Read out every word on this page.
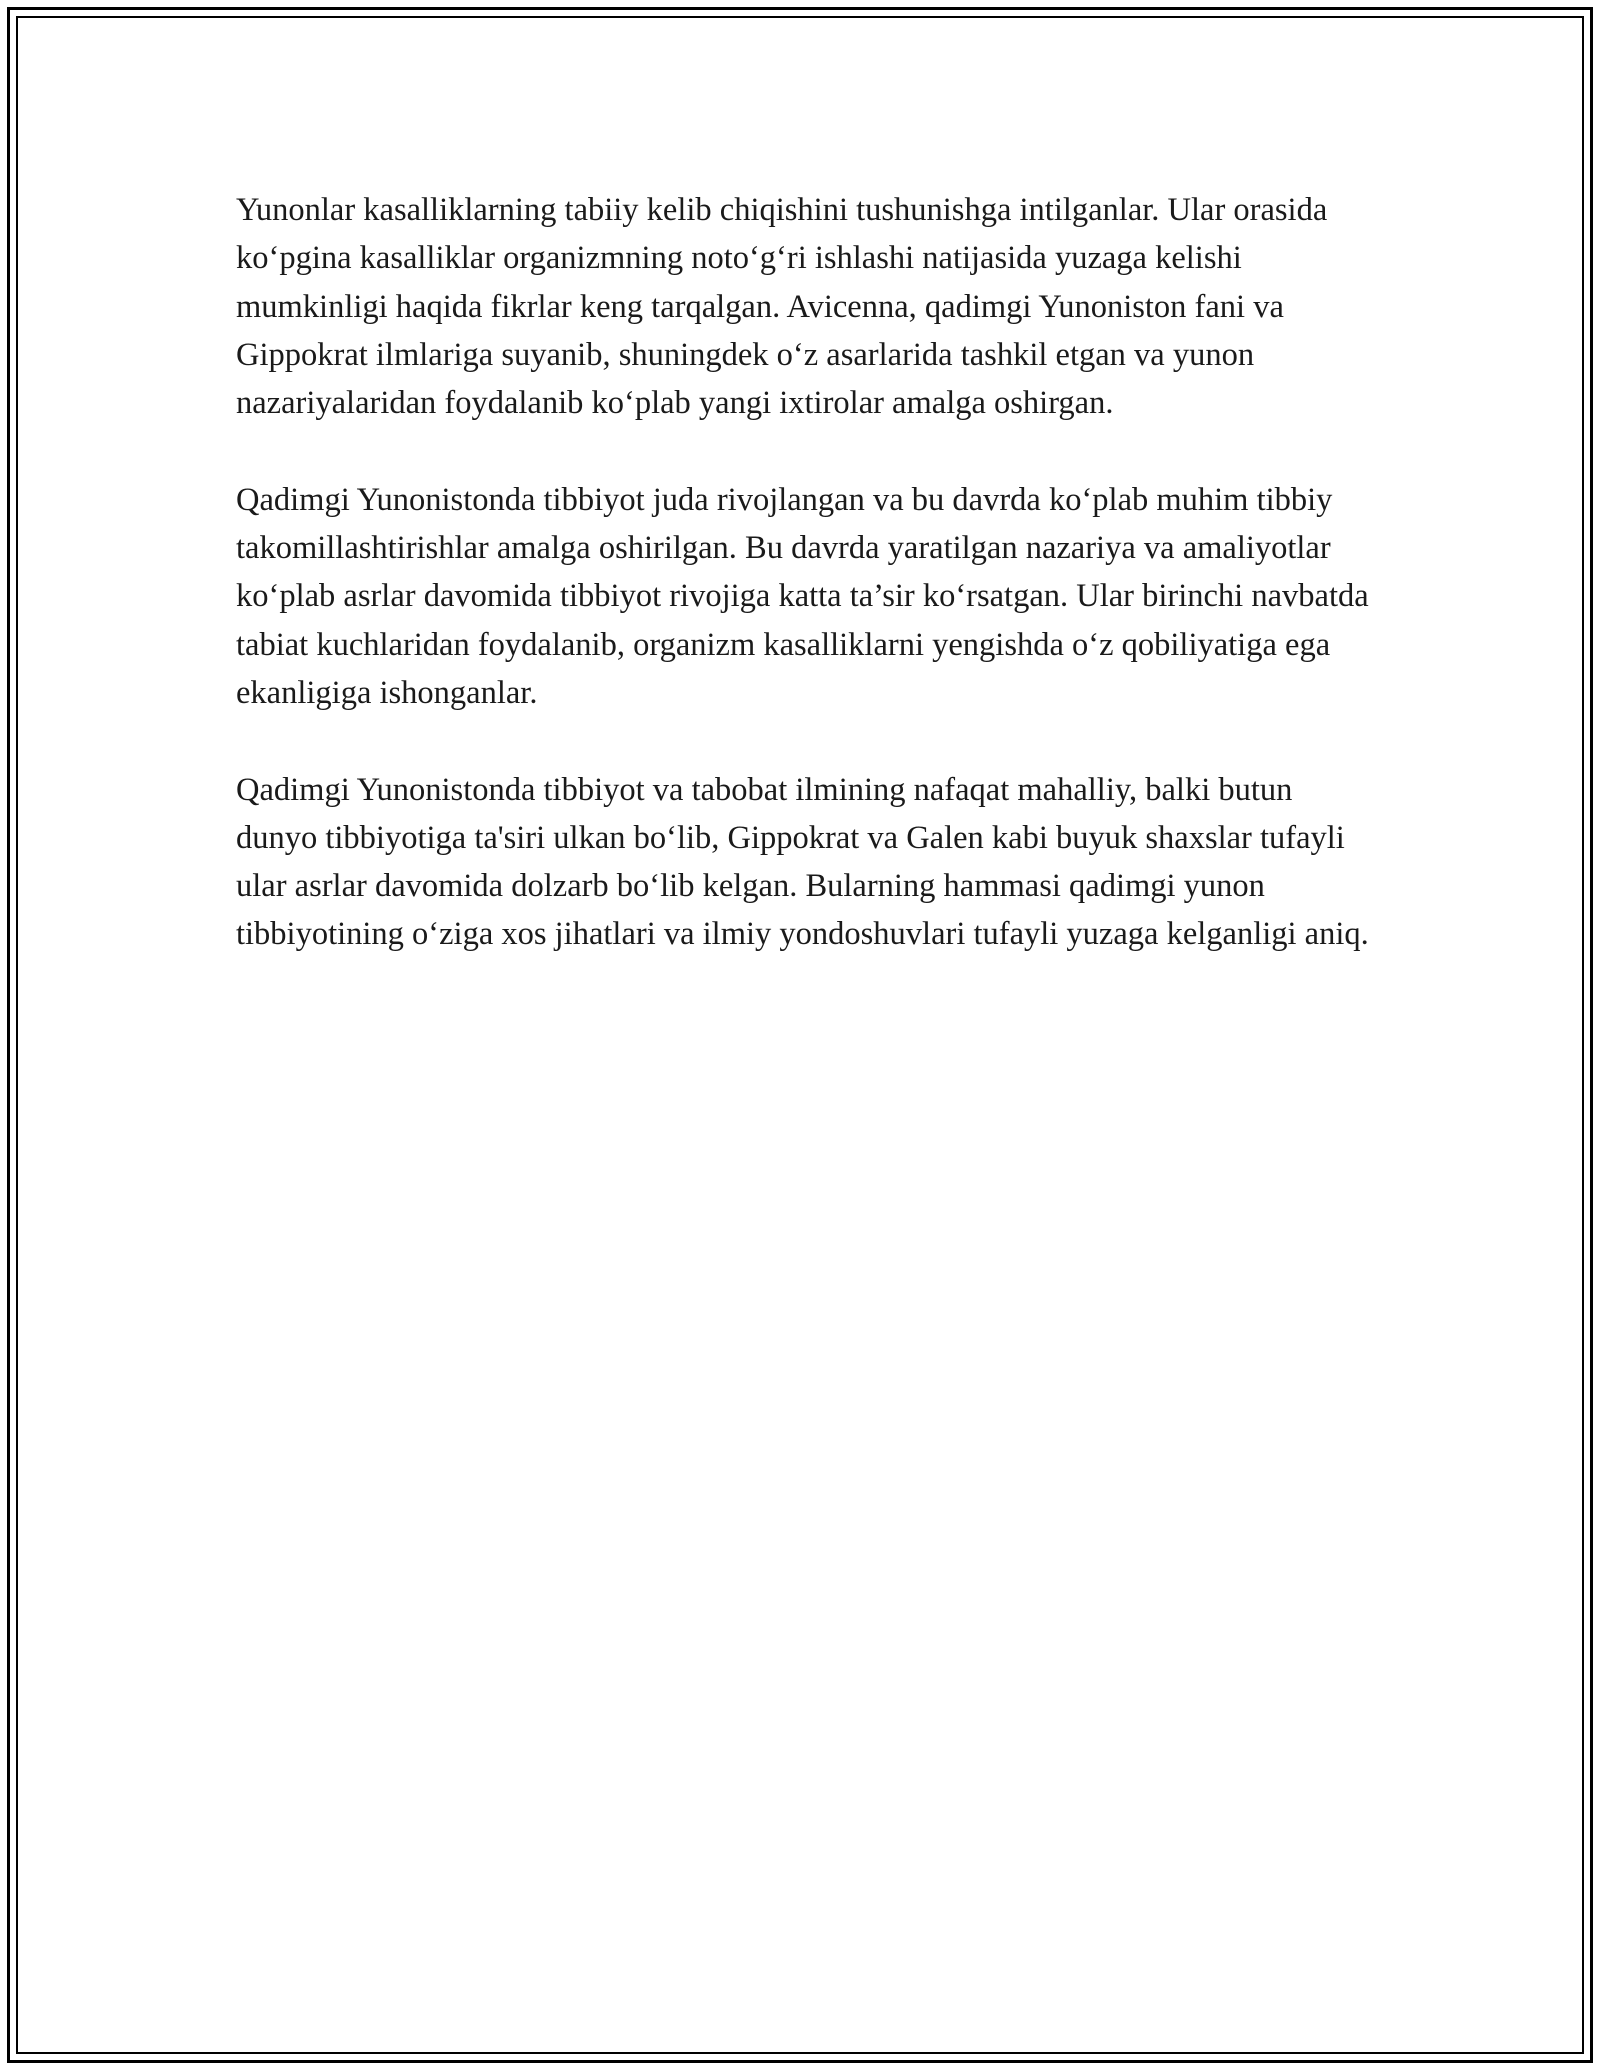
Yunonlar kasalliklarning tabiiy kelib chiqishini tushunishga intilganlar. Ular orasida ko‘pgina kasalliklar organizmning noto‘g‘ri ishlashi natijasida yuzaga kelishi mumkinligi haqida fikrlar keng tarqalgan. Avicenna, qadimgi Yunoniston fani va Gippokrat ilmlariga suyanib, shuningdek o‘z asarlarida tashkil etgan va yunon nazariyalaridan foydalanib ko‘plab yangi ixtirolar amalga oshirgan.

Qadimgi Yunonistonda tibbiyot juda rivojlangan va bu davrda ko‘plab muhim tibbiy takomillashtirishlar amalga oshirilgan. Bu davrda yaratilgan nazariya va amaliyotlar ko‘plab asrlar davomida tibbiyot rivojiga katta ta’sir ko‘rsatgan. Ular birinchi navbatda tabiat kuchlaridan foydalanib, organizm kasalliklarni yengishda o‘z qobiliyatiga ega ekanligiga ishonganlar.

Qadimgi Yunonistonda tibbiyot va tabobat ilmining nafaqat mahalliy, balki butun dunyo tibbiyotiga ta'siri ulkan bo‘lib, Gippokrat va Galen kabi buyuk shaxslar tufayli ular asrlar davomida dolzarb bo‘lib kelgan. Bularning hammasi qadimgi yunon tibbiyotining o‘ziga xos jihatlari va ilmiy yondoshuvlari tufayli yuzaga kelganligi aniq.
